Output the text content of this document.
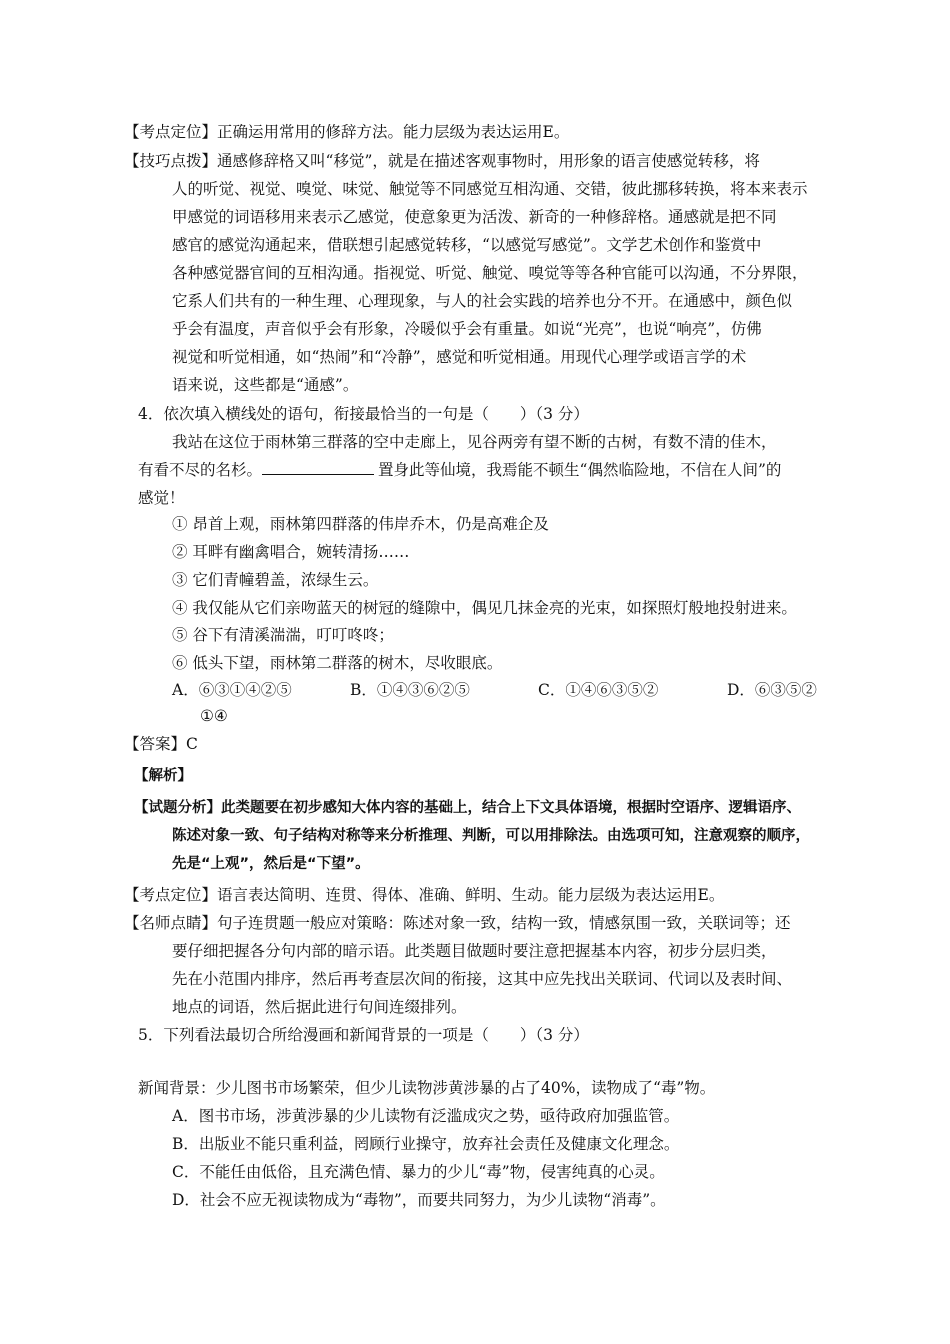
【考点定位】正确运用常用的修辞方法。能力层级为表达运用E。
【技巧点拨】通感修辞格又叫“移觉”，就是在描述客观事物时，用形象的语言使感觉转移，将
人的听觉、视觉、嗅觉、味觉、触觉等不同感觉互相沟通、交错，彼此挪移转换，将本来表示
甲感觉的词语移用来表示乙感觉，使意象更为活泼、新奇的一种修辞格。通感就是把不同
感官的感觉沟通起来，借联想引起感觉转移，“以感觉写感觉”。文学艺术创作和鉴赏中
各种感觉器官间的互相沟通。指视觉、听觉、触觉、嗅觉等等各种官能可以沟通，不分界限，
它系人们共有的一种生理、心理现象，与人的社会实践的培养也分不开。在通感中，颜色似
乎会有温度，声音似乎会有形象，冷暖似乎会有重量。如说“光亮”，也说“响亮”，仿佛
视觉和听觉相通，如“热闹”和“冷静”，感觉和听觉相通。用现代心理学或语言学的术
语来说，这些都是“通感”。
4．依次填入横线处的语句，衔接最恰当的一句是（　　）（3 分）
我站在这位于雨林第三群落的空中走廊上，见谷两旁有望不断的古树，有数不清的佳木，
有看不尽的名杉。	置身此等仙境，我焉能不顿生“偶然临险地，不信在人间”的
感觉！
① 昂首上观，雨林第四群落的伟岸乔木，仍是高难企及
② 耳畔有幽禽唱合，婉转清扬……
③ 它们青幢碧盖，浓绿生云。
④ 我仅能从它们亲吻蓝天的树冠的缝隙中，偶见几抹金亮的光束，如探照灯般地投射进来。
⑤ 谷下有清溪湍湍，叮叮咚咚；
⑥ 低头下望，雨林第二群落的树木，尽收眼底。
A．⑥③①④②⑤	B．①④③⑥②⑤	C．①④⑥③⑤②	D．⑥③⑤②
①④
【答案】C
【解析】
【试题分析】此类题要在初步感知大体内容的基础上，结合上下文具体语境，根据时空语序、逻辑语序、
陈述对象一致、句子结构对称等来分析推理、判断，可以用排除法。由选项可知，注意观察的顺序，
先是“上观”，然后是“下望”。
【考点定位】语言表达简明、连贯、得体、准确、鲜明、生动。能力层级为表达运用E。
【名师点睛】句子连贯题一般应对策略：陈述对象一致，结构一致，情感氛围一致，关联词等；还
要仔细把握各分句内部的暗示语。此类题目做题时要注意把握基本内容，初步分层归类，
先在小范围内排序，然后再考查层次间的衔接，这其中应先找出关联词、代词以及表时间、
地点的词语，然后据此进行句间连缀排列。
5．下列看法最切合所给漫画和新闻背景的一项是（　　）（3 分）
新闻背景：少儿图书市场繁荣，但少儿读物涉黄涉暴的占了40%，读物成了“毒”物。
A．图书市场，涉黄涉暴的少儿读物有泛滥成灾之势，亟待政府加强监管。
B．出版业不能只重利益，罔顾行业操守，放弃社会责任及健康文化理念。
C．不能任由低俗，且充满色情、暴力的少儿“毒”物，侵害纯真的心灵。
D．社会不应无视读物成为“毒物”，而要共同努力，为少儿读物“消毒”。
